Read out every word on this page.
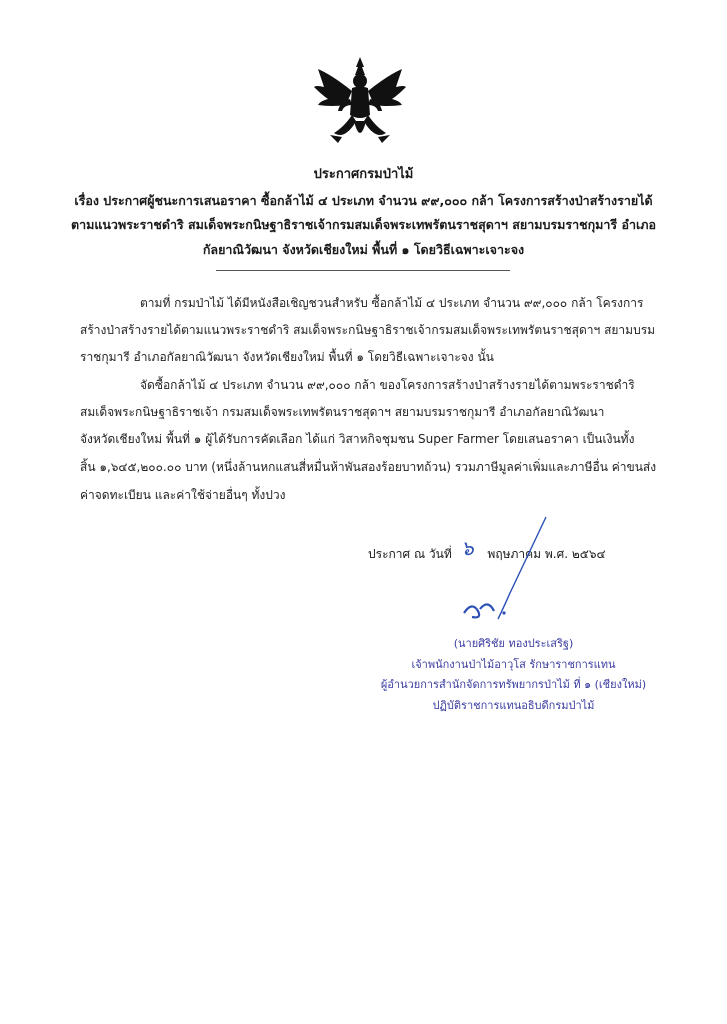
ประกาศกรมป่าไม้
เรื่อง ประกาศผู้ชนะการเสนอราคา ซื้อกล้าไม้ ๔ ประเภท จำนวน ๙๙,๐๐๐ กล้า โครงการสร้างป่าสร้างรายได้
ตามแนวพระราชดำริ สมเด็จพระกนิษฐาธิราชเจ้ากรมสมเด็จพระเทพรัตนราชสุดาฯ สยามบรมราชกุมารี อำเภอ
กัลยาณิวัฒนา จังหวัดเชียงใหม่ พื้นที่ ๑ โดยวิธีเฉพาะเจาะจง
ตามที่ กรมป่าไม้ ได้มีหนังสือเชิญชวนสำหรับ ซื้อกล้าไม้ ๔ ประเภท จำนวน ๙๙,๐๐๐ กล้า โครงการ
สร้างป่าสร้างรายได้ตามแนวพระราชดำริ สมเด็จพระกนิษฐาธิราชเจ้ากรมสมเด็จพระเทพรัตนราชสุดาฯ สยามบรม
ราชกุมารี อำเภอกัลยาณิวัฒนา จังหวัดเชียงใหม่ พื้นที่ ๑ โดยวิธีเฉพาะเจาะจง นั้น
จัดซื้อกล้าไม้ ๔ ประเภท จำนวน ๙๙,๐๐๐ กล้า ของโครงการสร้างป่าสร้างรายได้ตามพระราชดำริ
สมเด็จพระกนิษฐาธิราชเจ้า กรมสมเด็จพระเทพรัตนราชสุดาฯ สยามบรมราชกุมารี อำเภอกัลยาณิวัฒนา
จังหวัดเชียงใหม่ พื้นที่ ๑ ผู้ได้รับการคัดเลือก ได้แก่ วิสาหกิจชุมชน Super Farmer โดยเสนอราคา เป็นเงินทั้ง
สิ้น ๑,๖๔๕,๒๐๐.๐๐ บาท (หนึ่งล้านหกแสนสี่หมื่นห้าพันสองร้อยบาทถ้วน) รวมภาษีมูลค่าเพิ่มและภาษีอื่น ค่าขนส่ง
ค่าจดทะเบียน และค่าใช้จ่ายอื่นๆ ทั้งปวง
ประกาศ ณ วันที่	พฤษภาคม พ.ศ. ๒๕๖๔
๖
(นายศิริชัย ทองประเสริฐ)
เจ้าพนักงานป่าไม้อาวุโส รักษาราชการแทน
ผู้อำนวยการสำนักจัดการทรัพยากรป่าไม้ ที่ ๑ (เชียงใหม่)
ปฏิบัติราชการแทนอธิบดีกรมป่าไม้
